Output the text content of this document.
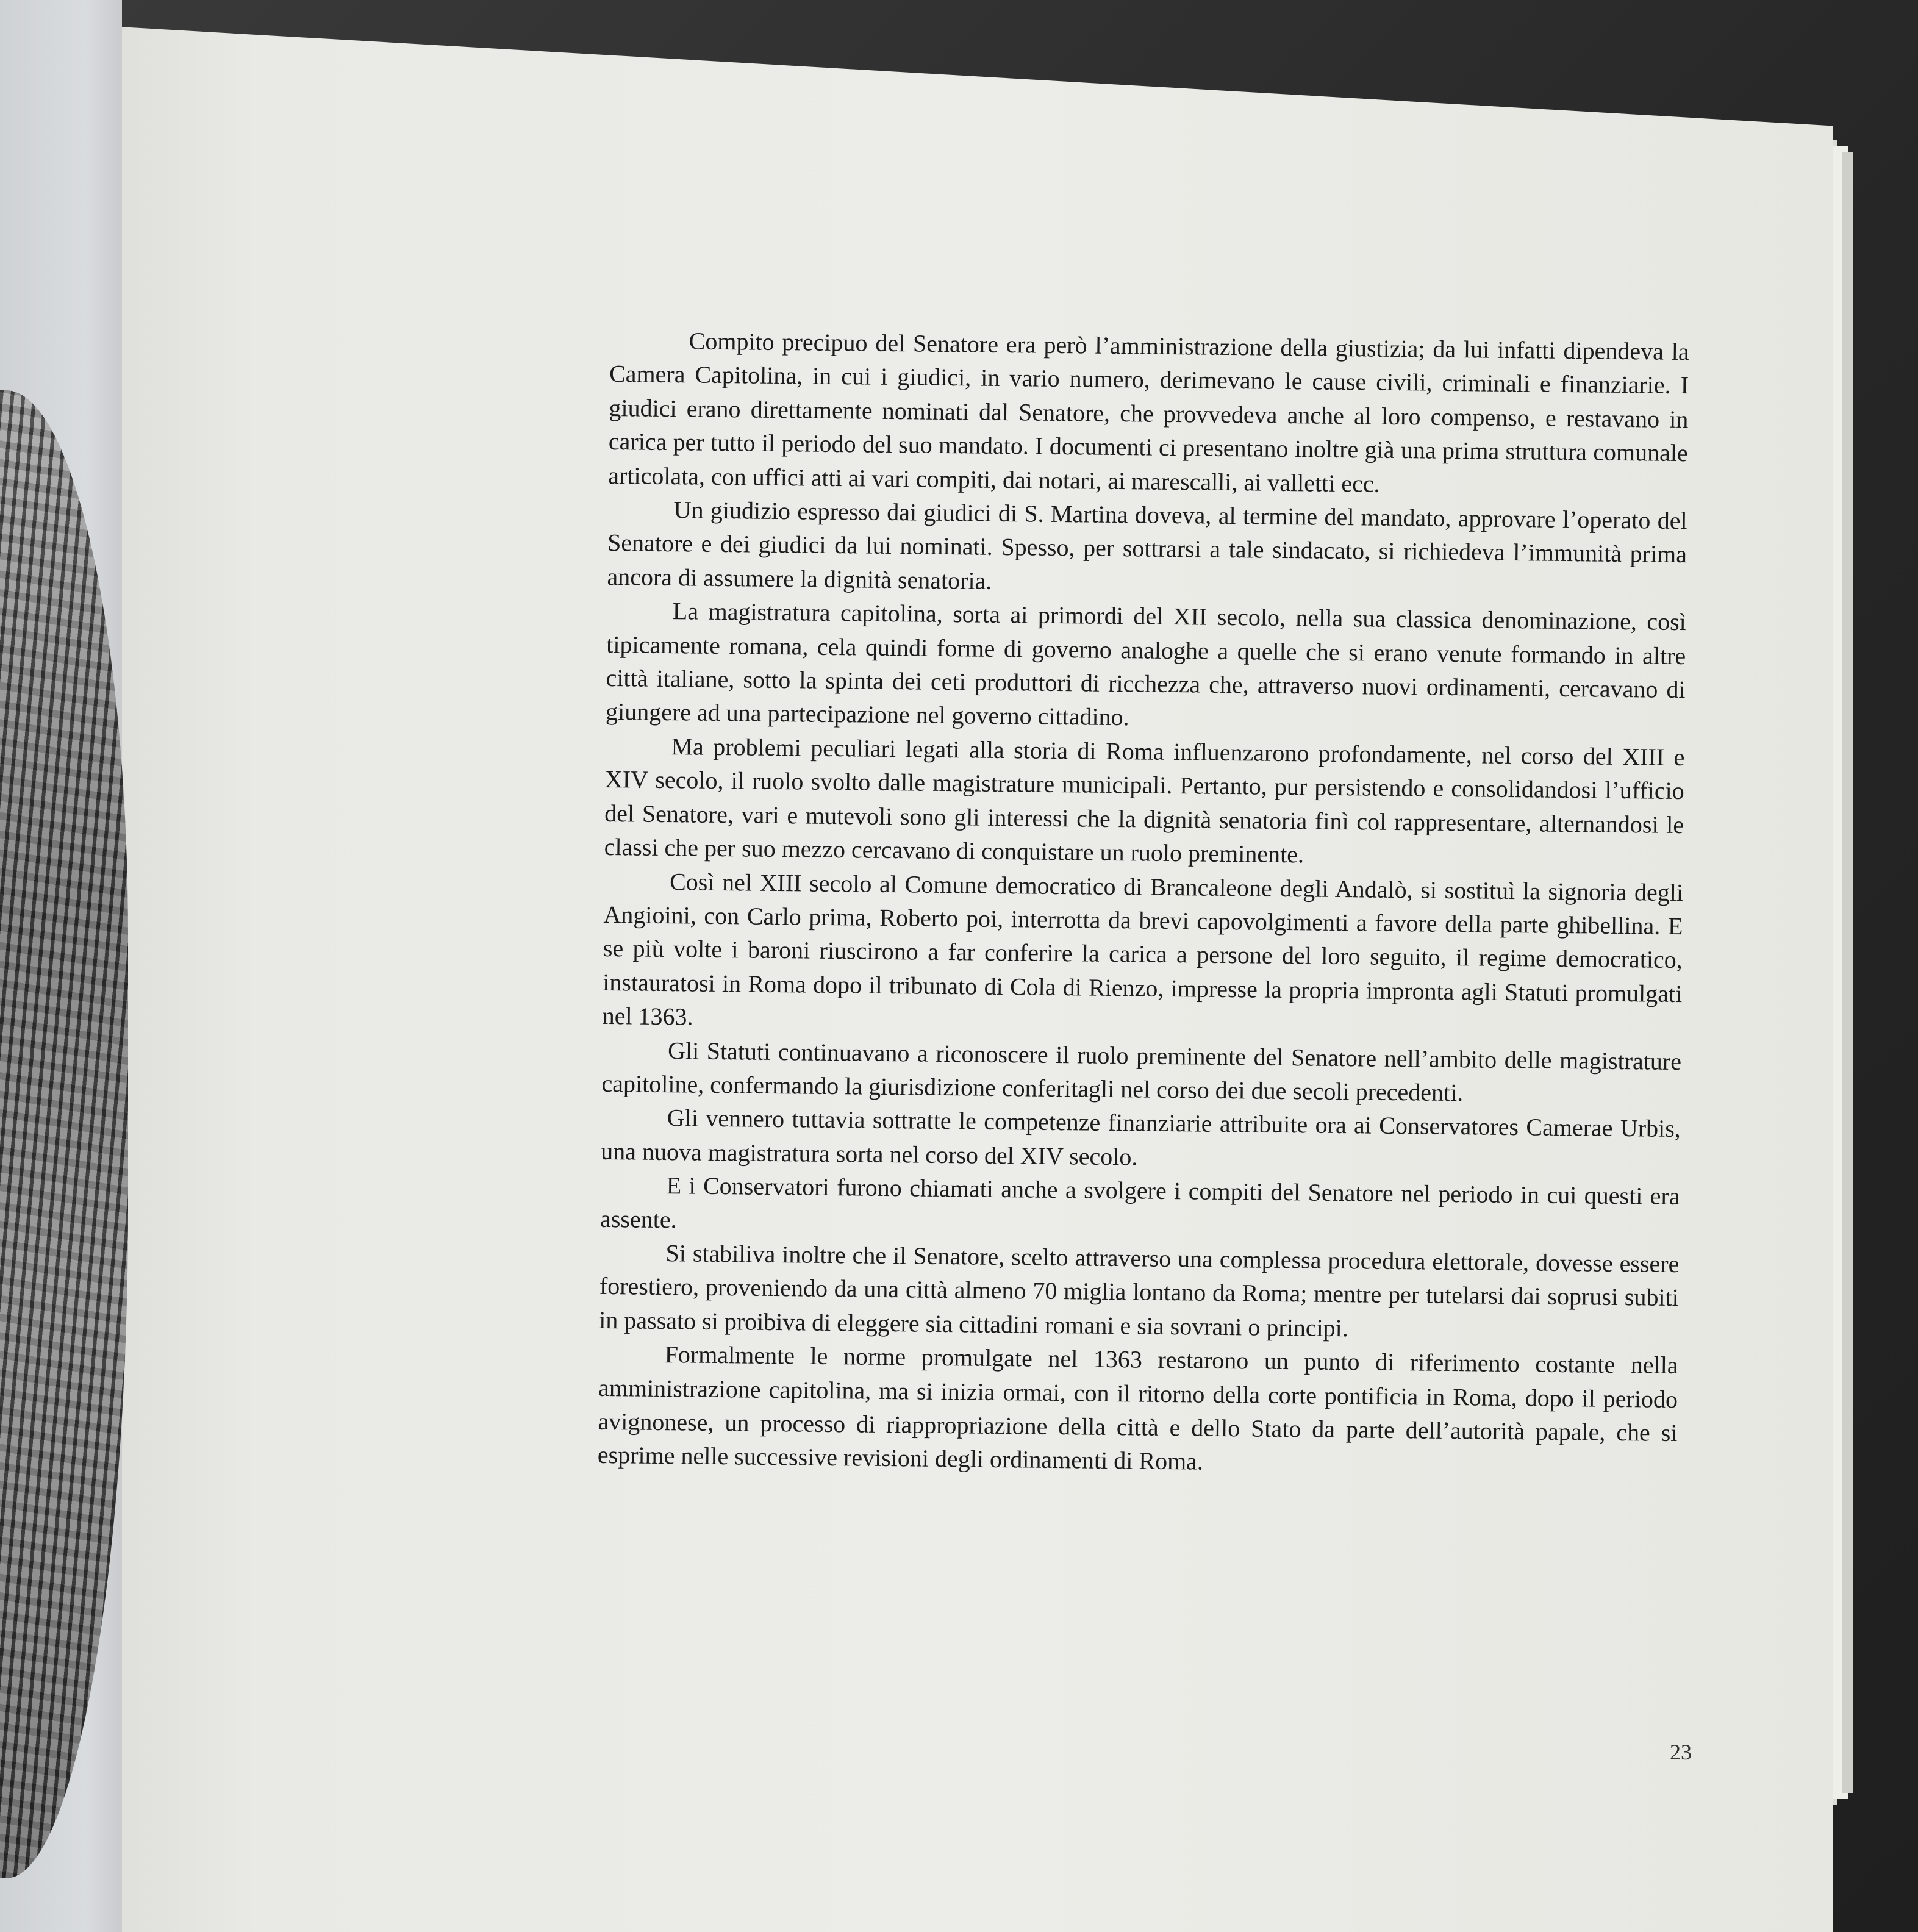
Compito precipuo del Senatore era però l’amministrazione della giustizia; da lui infatti dipendeva la Camera Capitolina, in cui i giudici, in vario numero, derimevano le cause civili, criminali e finanziarie. I giudici erano direttamente nominati dal Senatore, che provvedeva anche al loro compenso, e restavano in carica per tutto il periodo del suo mandato. I documenti ci presentano inoltre già una prima struttura comunale articolata, con uffici atti ai vari compiti, dai notari, ai marescalli, ai valletti ecc.

Un giudizio espresso dai giudici di S. Martina doveva, al termine del mandato, approvare l’operato del Senatore e dei giudici da lui nominati. Spesso, per sottrarsi a tale sindacato, si richiedeva l’immunità prima ancora di assumere la dignità senatoria.

La magistratura capitolina, sorta ai primordi del XII secolo, nella sua classica denominazione, così tipicamente romana, cela quindi forme di governo analoghe a quelle che si erano venute formando in altre città italiane, sotto la spinta dei ceti produttori di ricchezza che, attraverso nuovi ordinamenti, cercavano di giungere ad una partecipazione nel governo cittadino.

Ma problemi peculiari legati alla storia di Roma influenzarono profondamente, nel corso del XIII e XIV secolo, il ruolo svolto dalle magistrature municipali. Pertanto, pur persistendo e consolidandosi l’ufficio del Senatore, vari e mutevoli sono gli interessi che la dignità senatoria finì col rappresentare, alternandosi le classi che per suo mezzo cercavano di conquistare un ruolo preminente.

Così nel XIII secolo al Comune democratico di Brancaleone degli Andalò, si sostituì la signoria degli Angioini, con Carlo prima, Roberto poi, interrotta da brevi capovolgimenti a favore della parte ghibellina. E se più volte i baroni riuscirono a far conferire la carica a persone del loro seguito, il regime democratico, instauratosi in Roma dopo il tribunato di Cola di Rienzo, impresse la propria impronta agli Statuti promulgati nel 1363.

Gli Statuti continuavano a riconoscere il ruolo preminente del Senatore nell’ambito delle magistrature capitoline, confermando la giurisdizione conferitagli nel corso dei due secoli precedenti.

Gli vennero tuttavia sottratte le competenze finanziarie attribuite ora ai Conservatores Camerae Urbis, una nuova magistratura sorta nel corso del XIV secolo.

E i Conservatori furono chiamati anche a svolgere i compiti del Senatore nel periodo in cui questi era assente.

Si stabiliva inoltre che il Senatore, scelto attraverso una complessa procedura elettorale, dovesse essere forestiero, proveniendo da una città almeno 70 miglia lontano da Roma; mentre per tutelarsi dai soprusi subiti in passato si proibiva di eleggere sia cittadini romani e sia sovrani o principi.

Formalmente le norme promulgate nel 1363 restarono un punto di riferimento costante nella amministrazione capitolina, ma si inizia ormai, con il ritorno della corte pontificia in Roma, dopo il periodo avignonese, un processo di riappropriazione della città e dello Stato da parte dell’autorità papale, che si esprime nelle successive revisioni degli ordinamenti di Roma.

23
